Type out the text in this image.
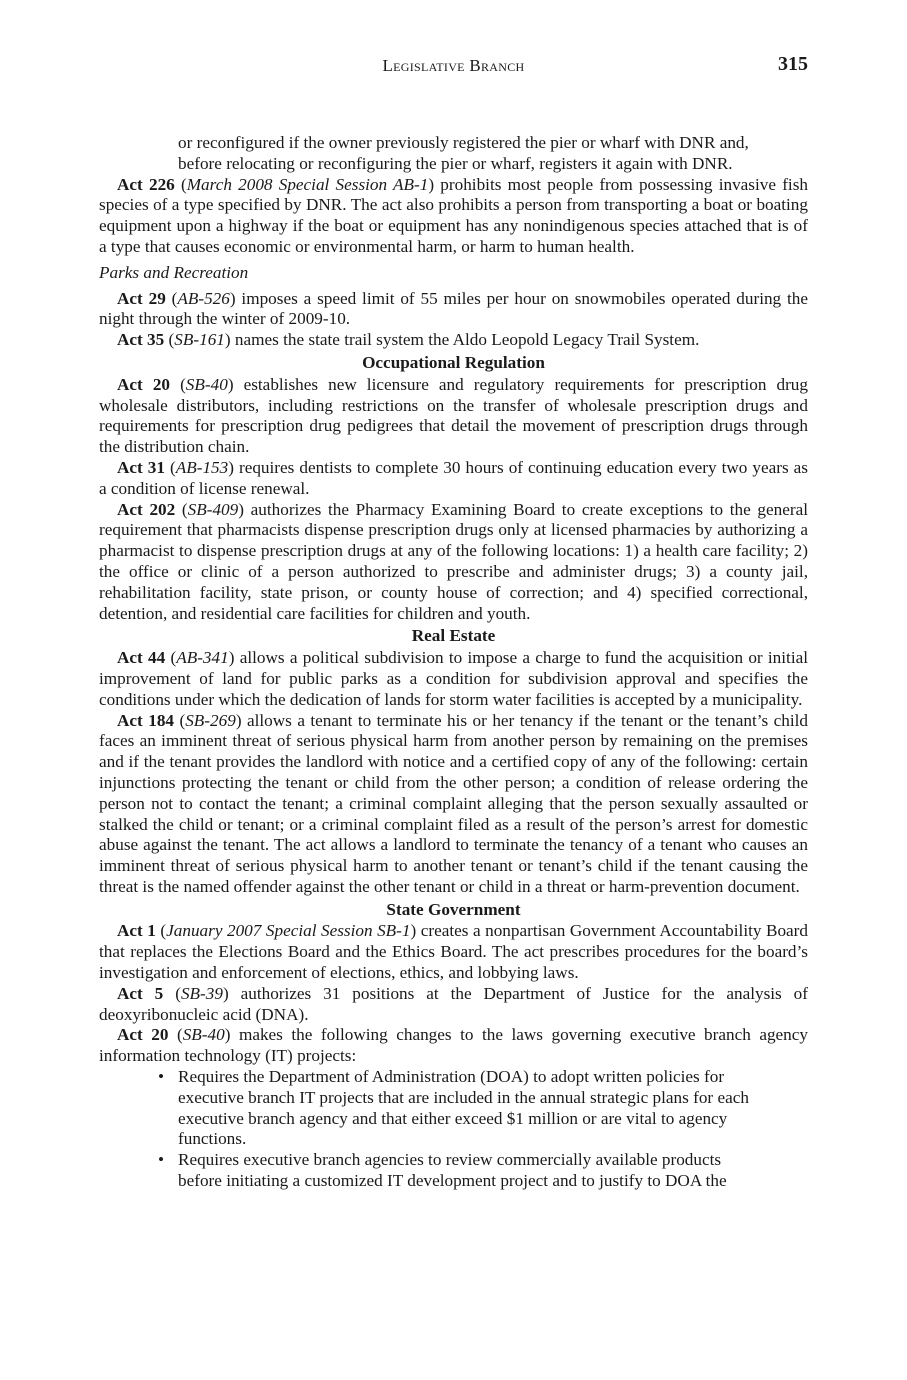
Legislative Branch	315

or reconfigured if the owner previously registered the pier or wharf with DNR and, before relocating or reconfiguring the pier or wharf, registers it again with DNR.

Act 226 (March 2008 Special Session AB-1) prohibits most people from possessing invasive fish species of a type specified by DNR. The act also prohibits a person from transporting a boat or boating equipment upon a highway if the boat or equipment has any nonindigenous species attached that is of a type that causes economic or environmental harm, or harm to human health.

Parks and Recreation

Act 29 (AB-526) imposes a speed limit of 55 miles per hour on snowmobiles operated during the night through the winter of 2009-10.

Act 35 (SB-161) names the state trail system the Aldo Leopold Legacy Trail System.

Occupational Regulation

Act 20 (SB-40) establishes new licensure and regulatory requirements for prescription drug wholesale distributors, including restrictions on the transfer of wholesale prescription drugs and requirements for prescription drug pedigrees that detail the movement of prescription drugs through the distribution chain.

Act 31 (AB-153) requires dentists to complete 30 hours of continuing education every two years as a condition of license renewal.

Act 202 (SB-409) authorizes the Pharmacy Examining Board to create exceptions to the general requirement that pharmacists dispense prescription drugs only at licensed pharmacies by authorizing a pharmacist to dispense prescription drugs at any of the following locations: 1) a health care facility; 2) the office or clinic of a person authorized to prescribe and administer drugs; 3) a county jail, rehabilitation facility, state prison, or county house of correction; and 4) specified correctional, detention, and residential care facilities for children and youth.

Real Estate

Act 44 (AB-341) allows a political subdivision to impose a charge to fund the acquisition or initial improvement of land for public parks as a condition for subdivision approval and specifies the conditions under which the dedication of lands for storm water facilities is accepted by a municipality.

Act 184 (SB-269) allows a tenant to terminate his or her tenancy if the tenant or the tenant’s child faces an imminent threat of serious physical harm from another person by remaining on the premises and if the tenant provides the landlord with notice and a certified copy of any of the following: certain injunctions protecting the tenant or child from the other person; a condition of release ordering the person not to contact the tenant; a criminal complaint alleging that the person sexually assaulted or stalked the child or tenant; or a criminal complaint filed as a result of the person’s arrest for domestic abuse against the tenant. The act allows a landlord to terminate the tenancy of a tenant who causes an imminent threat of serious physical harm to another tenant or tenant’s child if the tenant causing the threat is the named offender against the other tenant or child in a threat or harm-prevention document.

State Government

Act 1 (January 2007 Special Session SB-1) creates a nonpartisan Government Accountability Board that replaces the Elections Board and the Ethics Board. The act prescribes procedures for the board’s investigation and enforcement of elections, ethics, and lobbying laws.

Act 5 (SB-39) authorizes 31 positions at the Department of Justice for the analysis of deoxyribonucleic acid (DNA).

Act 20 (SB-40) makes the following changes to the laws governing executive branch agency information technology (IT) projects:

• Requires the Department of Administration (DOA) to adopt written policies for executive branch IT projects that are included in the annual strategic plans for each executive branch agency and that either exceed $1 million or are vital to agency functions.
• Requires executive branch agencies to review commercially available products before initiating a customized IT development project and to justify to DOA the
